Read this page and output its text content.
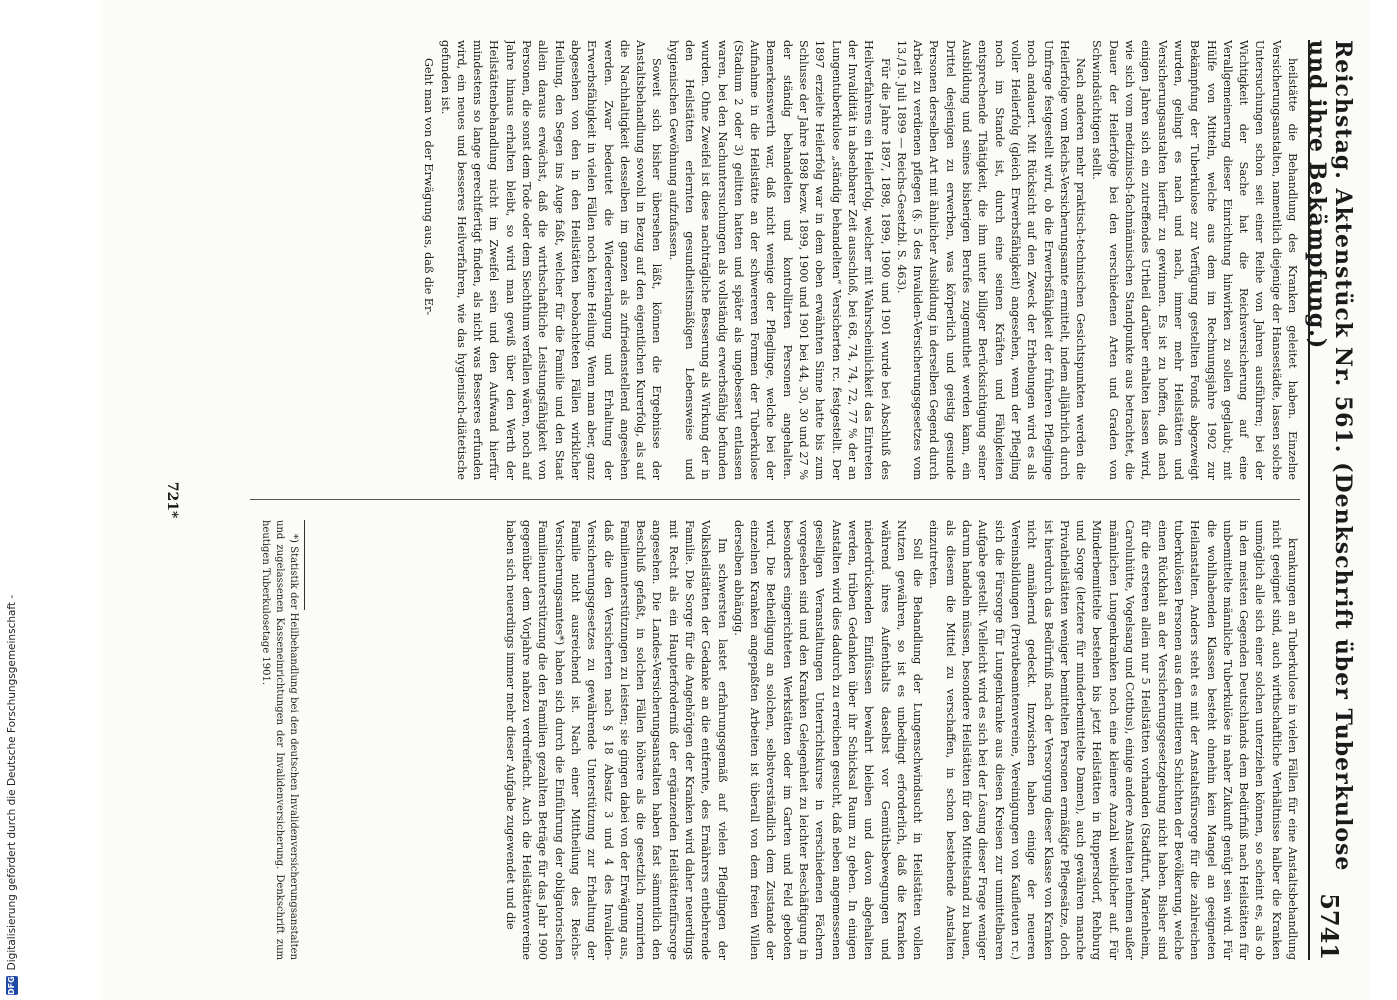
Reichstag. Aktenstück Nr. 561. (Denkschrift über Tuberkulose und ihre Bekämpfung.)
5741

heilstätte die Behandlung des Kranken geleitet haben. Einzelne Versicherungsanstalten, namentlich diejenige der Hansestädte, lassen solche Untersuchungen schon seit einer Reihe von Jahren ausführen; bei der Wichtigkeit der Sache hat die Reichsversicherung auf eine Verallgemeinerung dieser Einrichtung hinwirken zu sollen geglaubt; mit Hülfe von Mitteln, welche aus dem im Rechnungsjahre 1902 zur Bekämpfung der Tuberkulose zur Verfügung gestellten Fonds abgezweigt wurden, gelingt es nach und nach, immer mehr Heilstätten und Versicherungsanstalten hierfür zu gewinnen. Es ist zu hoffen, daß nach einigen Jahren sich ein zutreffendes Urtheil darüber erhalten lassen wird, wie sich vom medizinisch-fachmännischen Standpunkte aus betrachtet, die Dauer der Heilerfolge bei den verschiedenen Arten und Graden von Schwindsüchtigen stellt.

Nach anderen mehr praktisch-technischen Gesichtspunkten werden die Heilerfolge vom Reichs-Versicherungsamte ermittelt, indem alljährlich durch Umfrage festgestellt wird, ob die Erwerbsfähigkeit der früheren Pfleglinge noch andauert. Mit Rücksicht auf den Zweck der Erhebungen wird es als voller Heilerfolg (gleich Erwerbsfähigkeit) angesehen, wenn der Pflegling noch im Stande ist, durch eine seinen Kräften und Fähigkeiten entsprechende Thätigkeit, die ihm unter billiger Berücksichtigung seiner Ausbildung und seines bisherigen Berufes zugemuthet werden kann, ein Drittel desjenigen zu erwerben, was körperlich und geistig gesunde Personen derselben Art mit ähnlicher Ausbildung in derselben Gegend durch Arbeit zu verdienen pflegen (§. 5 des Invaliden-Versicherungsgesetzes vom 13./19. Juli 1899 — Reichs-Gesetzbl. S. 463).

Für die Jahre 1897, 1898, 1899, 1900 und 1901 wurde bei Abschluß des Heilverfahrens ein Heilerfolg, welcher mit Wahrscheinlichkeit das Eintreten der Invalidität in absehbarer Zeit ausschloß, bei 68, 74, 74, 72, 77 % der an Lungentuberkulose „ständig behandelten“ Versicherten rc. festgestellt. Der 1897 erzielte Heilerfolg war in dem oben erwähnten Sinne hatte bis zum Schlusse der Jahre 1898 bezw. 1899, 1900 und 1901 bei 44, 30, 30 und 27 % der ständig behandelten und kontrollirten Personen angehalten. Bemerkenswerth war, daß nicht wenige der Pfleglinge, welche bei der Aufnahme in die Heilstätte an der schwereren Formen der Tuberkulose (Stadium 2 oder 3) gelitten hatten und später als ungebessert entlassen waren, bei den Nachuntersuchungen als vollständig erwerbsfähig befunden wurden. Ohne Zweifel ist diese nachträgliche Besserung als Wirkung der in den Heilstätten erlernten gesundheitsmäßigen Lebensweise und hygienischen Gewöhnung aufzufassen.

Soweit sich bisher übersehen läßt, können die Ergebnisse der Anstaltsbehandlung sowohl in Bezug auf den eigentlichen Kurerfolg, als auf die Nachhaltigkeit desselben im ganzen als zufriedenstellend angesehen werden. Zwar bedeutet die Wiedererlangung und Erhaltung der Erwerbsfähigkeit in vielen Fällen noch keine Heilung. Wenn man aber, ganz abgesehen von den in den Heilstätten beobachteten Fällen wirklicher Heilung, den Segen ins Auge faßt, welcher für die Familie und den Staat allein daraus erwächst, daß die wirthschaftliche Leistungsfähigkeit von Personen, die sonst dem Tode oder dem Siechthum verfallen wären, noch auf Jahre hinaus erhalten bleibt, so wird man gewiß über den Werth der Heilstättenbehandlung nicht im Zweifel sein und den Aufwand hierfür mindestens so lange gerechtfertigt finden, als nicht was Besseres erfunden wird, ein neues und besseres Heilverfahren, wie das hygienisch-diätetische gefunden ist.

Geht man von der Erwägung aus, daß die Er-

krankungen an Tuberkulose in vielen Fällen für eine Anstaltsbehandlung nicht geeignet sind, auch wirthschaftliche Verhältnisse halber die Kranken unmöglich alle sich einer solchen unterziehen können, so scheint es, als ob in den meisten Gegenden Deutschlands dem Bedürfniß nach Heilstätten für unbemittelte männliche Tuberkulöse in naher Zukunft genügt sein wird. Für die wohlhabenden Klassen besteht ohnehin kein Mangel an geeigneten Heilanstalten. Anders steht es mit der Anstaltsfürsorge für die zahlreichen tuberkulösen Personen aus den mittleren Schichten der Bevölkerung, welche einen Rückhalt an der Versicherungsgesetzgebung nicht haben. Bisher sind für die ersteren allein nur 5 Heilstätten vorhanden (Stadtfurt, Marienheim, Caroluhütte, Vogelsang und Cottbus), einige andere Anstalten nehmen außer männlichen Lungenkranken noch eine kleinere Anzahl weiblicher auf. Für Minderbemittelte bestehen bis jetzt Heilstätten in Ruppersdorf, Rehburg und Sorge (letztere für minderbemittelte Damen), auch gewähren manche Privatheilstätten weniger bemittelten Personen ermäßigte Pflegesätze, doch ist hierdurch das Bedürfniß nach der Versorgung dieser Klasse von Kranken nicht annähernd gedeckt. Inzwischen haben einige der neueren Vereinsbildungen (Privatbeamtenvereine, Vereinigungen von Kaufleuten rc.) sich die Fürsorge für Lungenkranke aus diesen Kreisen zur unmittelbaren Aufgabe gestellt. Vielleicht wird es sich bei der Lösung dieser Frage weniger darum handeln müssen, besondere Heilstätten für den Mittelstand zu bauen, als diesem die Mittel zu verschaffen, in schon bestehende Anstalten einzutreten.

Soll die Behandlung der Lungenschwindsucht in Heilstätten vollen Nutzen gewähren, so ist es unbedingt erforderlich, daß die Kranken während ihres Aufenthalts daselbst vor Gemüthsbewegungen und niederdrückenden Einflüssen bewahrt bleiben und davon abgehalten werden, trüben Gedanken über ihr Schicksal Raum zu geben. In einigen Anstalten wird dies dadurch zu erreichen gesucht, daß neben angemessenen geselligen Veranstaltungen Unterrichtskurse in verschiedenen Fächern vorgesehen sind und den Kranken Gelegenheit zu leichter Beschäftigung in besonders eingerichteten Werkstätten oder im Garten und Feld geboten wird. Die Betheiligung an solchen, selbstverständlich dem Zustande der einzelnen Kranken angepaßten Arbeiten ist überall von dem freien Willen derselben abhängig.

Im schwersten lastet erfahrungsgemäß auf vielen Pfleglingen der Volksheilstätten der Gedanke an die entfernte, des Ernährers entbehrende Familie. Die Sorge für die Angehörigen der Kranken wird daher neuerdings mit Recht als ein Haupterforderniß der ergänzenden Heilstättenfürsorge angesehen. Die Landes-Versicherungsanstalten haben fast sämmtlich den Beschluß gefaßt, in solchen Fällen höhere als die gesetzlich normirten Familienunterstützungen zu leisten; sie gingen dabei von der Erwägung aus, daß die den Versicherten nach § 18 Absatz 3 und 4 des Invaliden-Versicherungsgesetzes zu gewährende Unterstützung zur Erhaltung der Familie nicht ausreichend ist. Nach einer Mittheilung des Reichs-Versicherungsamtes*) haben sich durch die Einführung der obligatorischen Familienunterstützung die den Familien gezahlten Beträge für das Jahr 1900 gegenüber dem Vorjahre nahezu verdreifacht. Auch die Heilstättenvereine haben sich neuerdings immer mehr dieser Aufgabe zugewendet und die

*) Statistik der Heilbehandlung bei den deutschen Invalidenversicherungsanstalten und zugelassenen Kasseneinrichtungen der Invalidenversicherung. Denkschrift zum heutigen Tuberkulosetage 1901.

721*
DFG
Digitalisierung gefördert durch die Deutsche Forschungsgemeinschaft -
